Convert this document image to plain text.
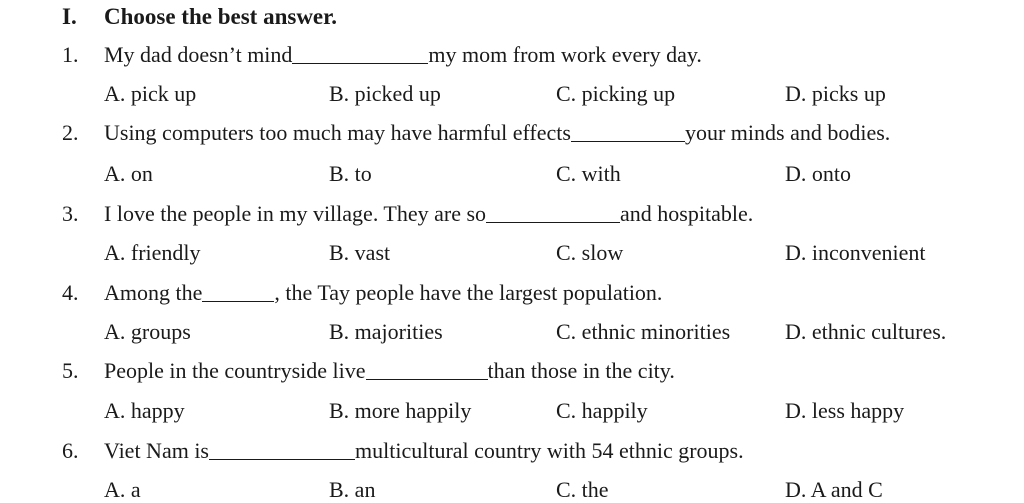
I. Choose the best answer.
1. My dad doesn’t mind	my mom from work every day.
A. pick up	B. picked up	C. picking up	D. picks up
2. Using computers too much may have harmful effects	your minds and bodies.
A. on	B. to	C. with	D. onto
3. I love the people in my village. They are so	and hospitable.
A. friendly	B. vast	C. slow	D. inconvenient
4. Among the	, the Tay people have the largest population.
A. groups	B. majorities	C. ethnic minorities D. ethnic cultures.
5. People in the countryside live	than those in the city.
A. happy	B. more happily	C. happily	D. less happy
6. Viet Nam is	multicultural country with 54 ethnic groups.
A. a	B. an	C. the	D. A and C
